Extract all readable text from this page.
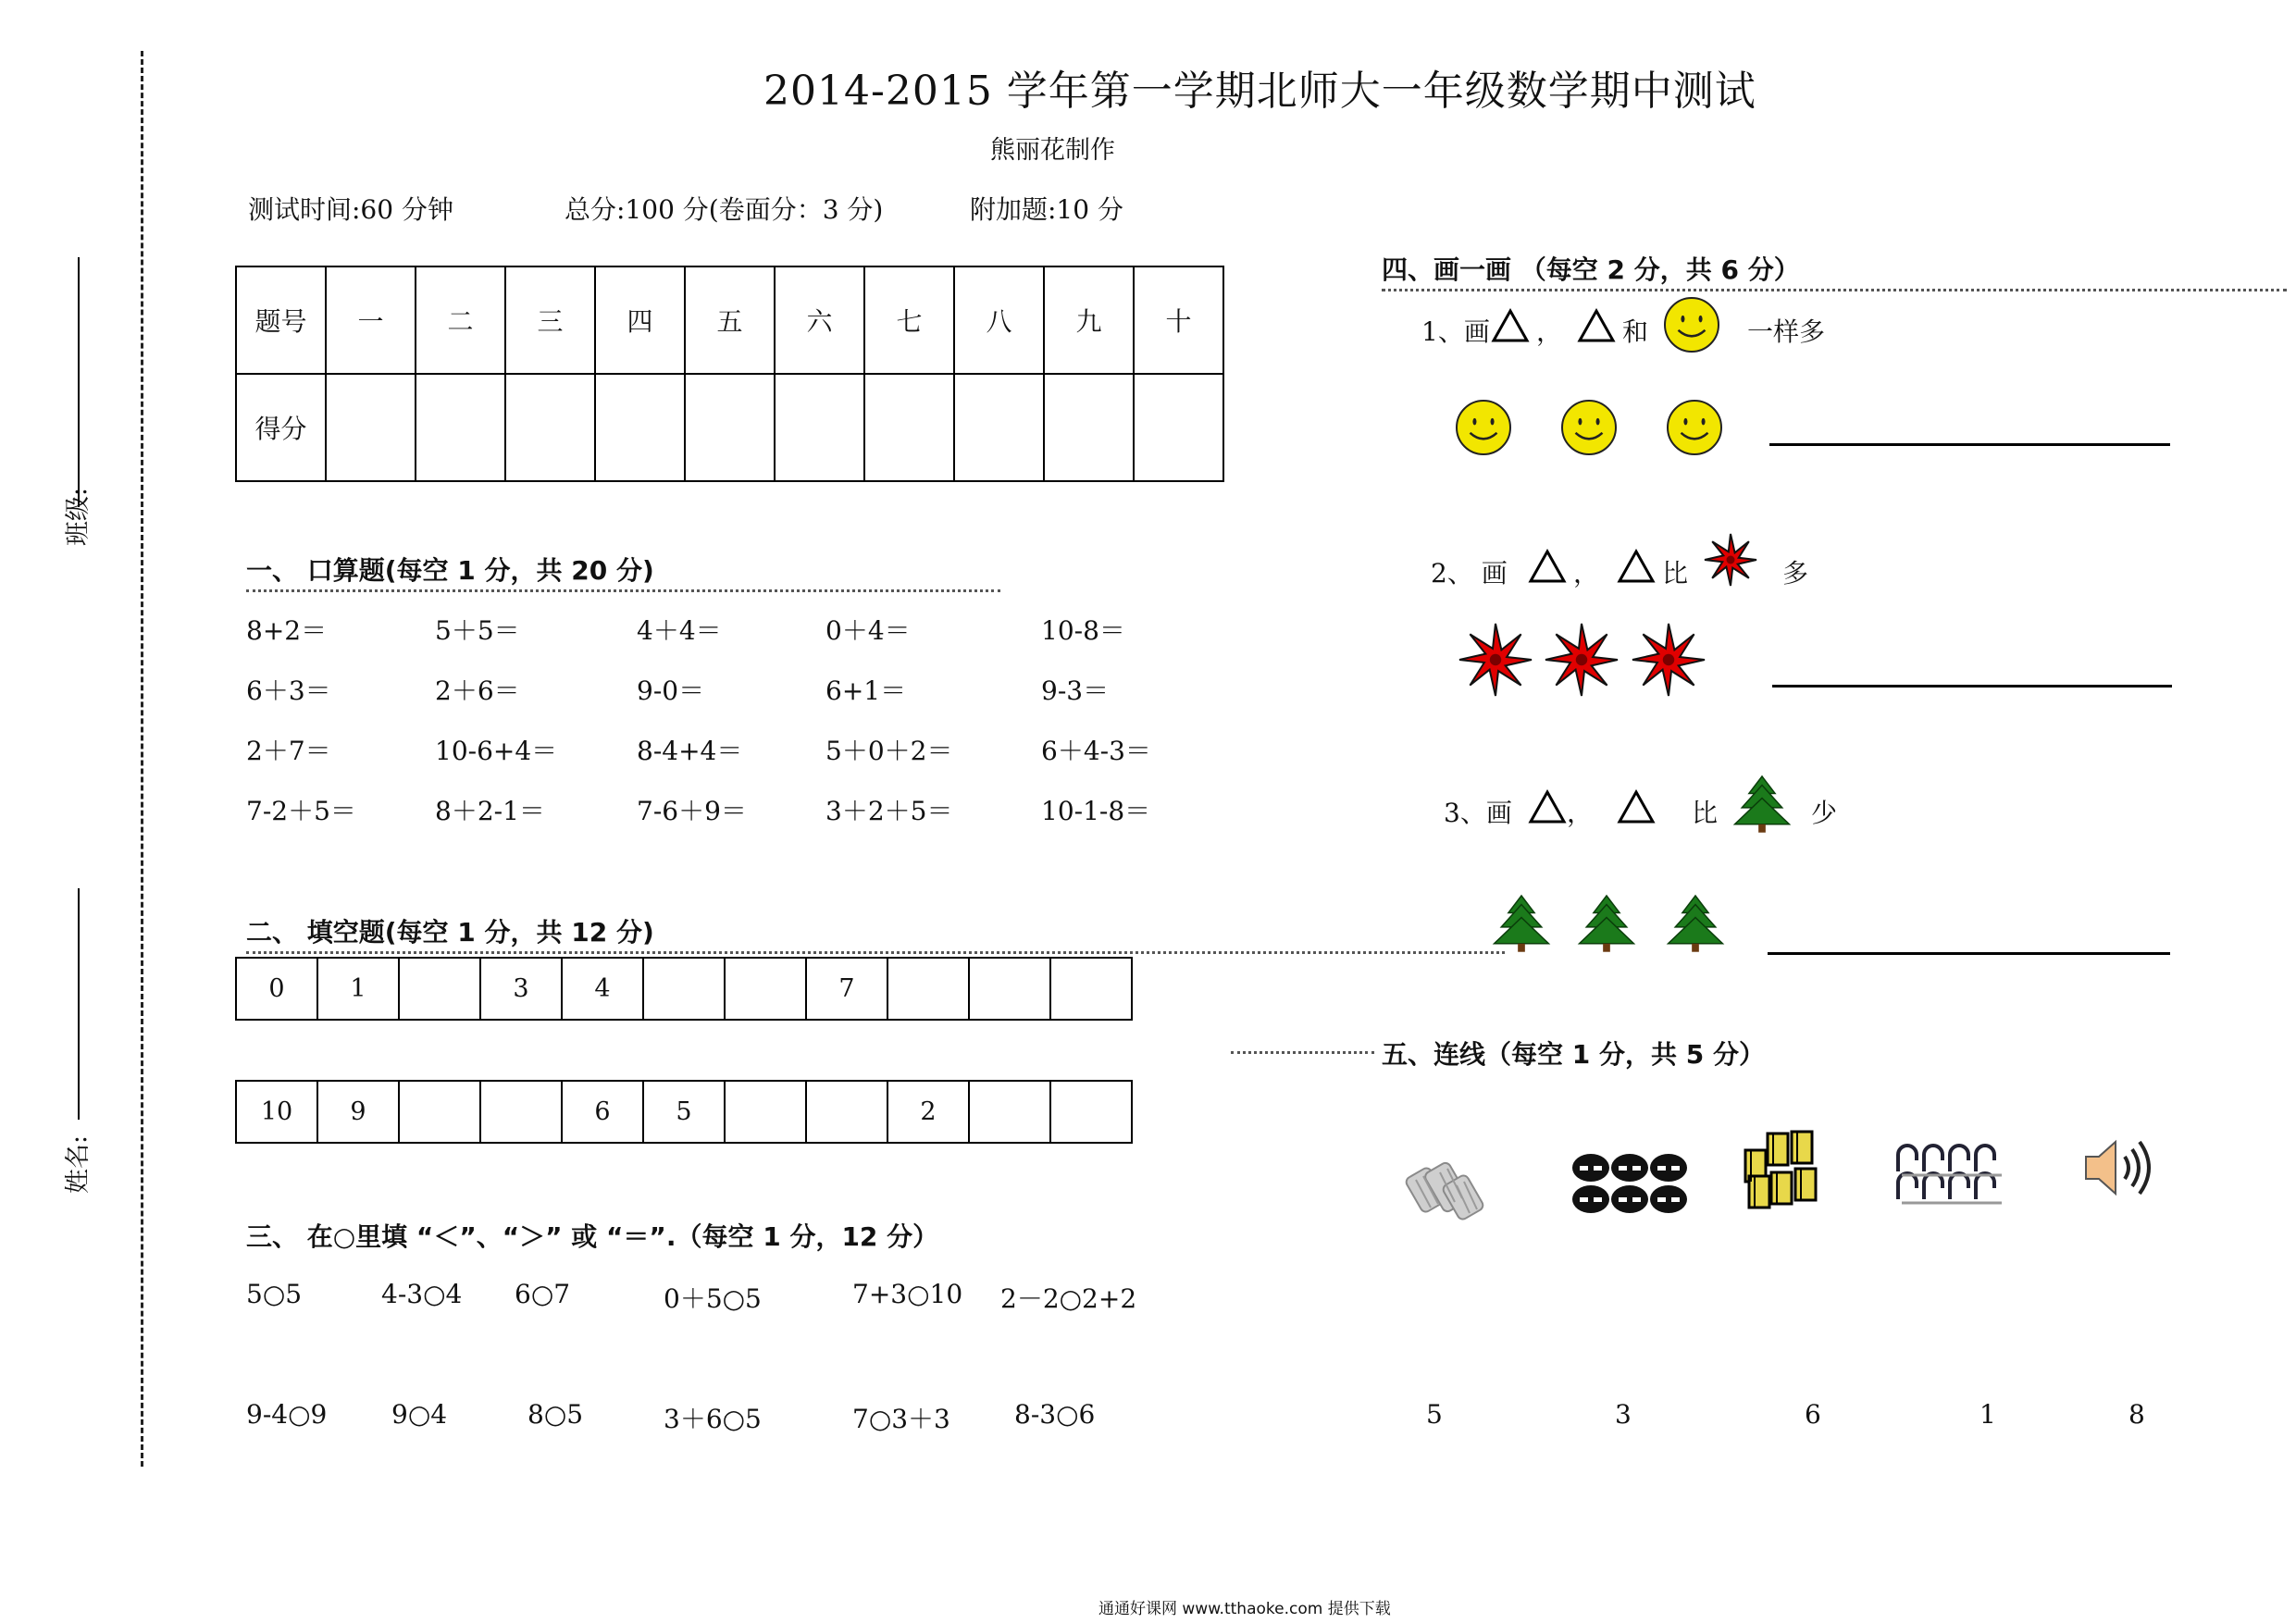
班级:
姓名:
2014-2015 学年第一学期北师大一年级数学期中测试
熊丽花制作
测试时间:60 分钟	总分:100 分(卷面分：3 分)	附加题:10 分
题号	一	二	三	四	五	六	七	八	九	十
得分										
一、 口算题(每空 1 分，共 20 分)
8+2＝	5＋5＝	4＋4＝	0＋4＝	10-8＝
6＋3＝	2＋6＝	9-0＝	6+1＝	9-3＝
2＋7＝	10-6+4＝	8-4+4＝	5＋0＋2＝	6＋4-3＝
7-2＋5＝	8＋2-1＝	7-6＋9＝	3＋2＋5＝	10-1-8＝
二、 填空题(每空 1 分，共 12 分)
0	1		3	4			7			
10	9			6	5			2		
三、 在○里填 “＜”、“＞” 或 “＝”.（每空 1 分，12 分）
5○5	4-3○4 6○7	0＋5○5	7+3○10 2－2○2+2
9-4○9 9○4	8○5	3＋6○5	7○3＋3 8-3○6
四、画一画 （每空 2 分，共 6 分）
1、画 ， 和	一样多
2、 画	， 比	多
3、画 ，	比	少
五、连线（每空 1 分，共 5 分）
5	3	6	1	8
通通好课网 www.tthaoke.com 提供下载
